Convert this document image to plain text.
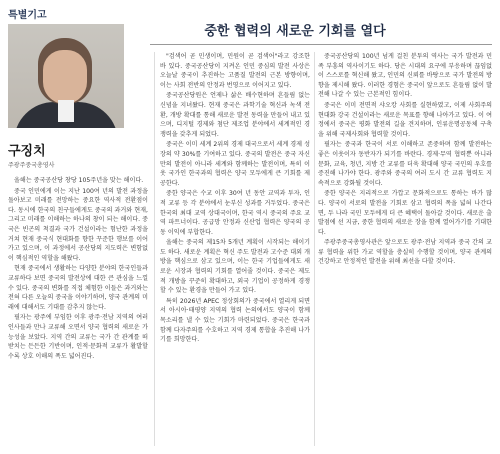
특별기고
중한 협력의 새로운 기회를 열다
구징치
주광주중국총영사

올해는 중국공산당 창당 105주년을 맞는 해이다.

중국 인민에게 이는 지난 100여 년의 발전 과정을 돌아보고 미래를 전망하는 중요한 역사적 전환점이다. 동시에 한국의 친구들에게도 중국의 과거와 현재, 그리고 미래를 이해하는 하나의 창이 되는 해이다. 중국은 빈곤의 척결과 국가 건설이라는 험난한 과정을 거쳐 현재 중국식 현대화를 향한 꾸준한 행보를 이어가고 있으며, 이 과정에서 공산당의 지도력은 변함없이 핵심적인 역할을 해왔다.

현재 중국에서 생활하는 다양한 분야의 한국인들과 교류하다 보면 중국의 발전상에 대한 큰 관심을 느낄 수 있다. 중국의 변화를 직접 체험한 이들은 과거와는 전혀 다른 오늘의 중국을 이야기하며, 양국 관계의 미래에 대해서도 기대를 감추지 않는다.

필자는 광주에 부임한 이후 광주·전남 지역의 여러 인사들과 만나 교류해 오면서 양국 협력의 새로운 가능성을 보았다. 지역 간의 교류는 국가 간 관계를 떠받치는 든든한 기반이며, 인적·문화적 교류가 활발할수록 상호 이해의 폭도 넓어진다.

"검색어 곧 민생이며, 민원이 곧 검색어"라고 강조한 바 있다. 중국공산당이 지켜온 인민 중심의 발전 사상은 오늘날 중국이 추진하는 고품질 발전의 근본 방향이며, 이는 사회 전반의 안정과 번영으로 이어지고 있다.

중국공산당원은 언제나 삶은 배수현하며 흔들림 없는 신념을 지녀왔다. 현재 중국은 과학기술 혁신과 녹색 전환, 개방 확대를 통해 새로운 발전 동력을 만들어 내고 있으며, 디지털 경제와 첨단 제조업 분야에서 세계적인 경쟁력을 갖추게 되었다.

중국은 이미 세계 2위의 경제 대국으로서 세계 경제 성장의 약 30%를 기여하고 있다. 중국의 발전은 중국 자신만의 발전이 아니라 세계와 함께하는 발전이며, 특히 이웃 국가인 한국과의 협력은 양국 모두에게 큰 기회를 제공한다.

중한 양국은 수교 이후 30여 년 동안 교역과 투자, 인적 교류 등 각 분야에서 눈부신 성과를 거두었다. 중국은 한국의 최대 교역 상대국이며, 한국 역시 중국의 주요 교역 파트너이다. 공급망 안정과 신산업 협력은 양국의 공동 이익에 부합한다.

올해는 중국의 제15차 5개년 계획이 시작되는 해이기도 하다. 새로운 계획은 혁신 주도 발전과 고수준 대외 개방을 핵심으로 삼고 있으며, 이는 한국 기업들에게도 새로운 시장과 협력의 기회를 열어줄 것이다. 중국은 제도적 개방을 꾸준히 확대하고, 외국 기업이 공정하게 경쟁할 수 있는 환경을 만들어 가고 있다.

특히 2026년 APEC 정상회의가 중국에서 열리게 되면서 아시아·태평양 지역의 협력 논의에서도 양국이 함께 목소리를 낼 수 있는 기회가 마련되었다. 중국은 한국과 함께 다자주의를 수호하고 지역 경제 통합을 추진해 나가기를 희망한다.

중국공산당의 100년 넘게 걸친 분투의 역사는 국가 발전과 민족 부흥의 역사이기도 하다. 당은 시대의 요구에 부응하며 끊임없이 스스로를 혁신해 왔고, 인민의 신뢰를 바탕으로 국가 발전의 방향을 제시해 왔다. 이러한 경험은 중국이 앞으로도 흔들림 없이 발전해 나갈 수 있는 근본적인 힘이다.

중국은 이미 전면적 샤오캉 사회를 실현하였고, 이제 사회주의 현대화 강국 건설이라는 새로운 목표를 향해 나아가고 있다. 이 여정에서 중국은 평화 발전의 길을 견지하며, 인류운명공동체 구축을 위해 국제사회와 협력할 것이다.

필자는 중국과 한국이 서로 이해하고 존중하며 함께 발전하는 좋은 이웃이자 동반자가 되기를 바란다. 경제·무역 협력뿐 아니라 문화, 교육, 청년, 지방 간 교류를 더욱 확대해 양국 국민의 우호를 증진해 나가야 한다. 광주와 중국의 여러 도시 간 교류 협력도 지속적으로 강화될 것이다.

중한 양국은 지리적으로 가깝고 문화적으로도 통하는 바가 많다. 양국이 서로의 발전을 기회로 삼고 협력의 폭을 넓혀 나간다면, 두 나라 국민 모두에게 더 큰 혜택이 돌아갈 것이다. 새로운 출발점에 선 지금, 중한 협력의 새로운 장을 함께 열어가기를 기대한다.

주광주중국총영사관은 앞으로도 광주·전남 지역과 중국 간의 교류 협력을 위한 가교 역할을 충실히 수행할 것이며, 양국 관계의 건강하고 안정적인 발전을 위해 최선을 다할 것이다.
